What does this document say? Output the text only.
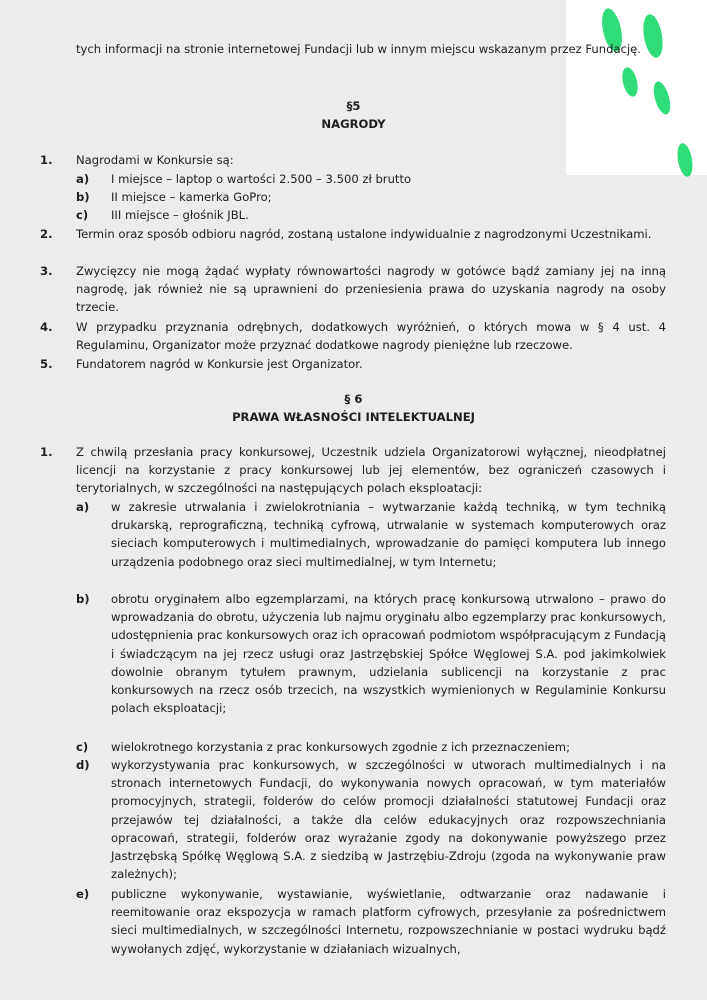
tych informacji na stronie internetowej Fundacji lub w innym miejscu wskazanym przez Fundację.

§5
NAGRODY
1.	Nagrodami w Konkursie są:
a)	I miejsce – laptop o wartości 2.500 – 3.500 zł brutto
b)	II miejsce – kamerka GoPro;
c)	III miejsce – głośnik JBL.
2.	Termin oraz sposób odbioru nagród, zostaną ustalone indywidualnie z nagrodzonymi Uczestnikami.
3.	Zwycięzcy nie mogą żądać wypłaty równowartości nagrody w gotówce bądź zamiany jej na inną nagrodę, jak również nie są uprawnieni do przeniesienia prawa do uzyskania nagrody na osoby trzecie.
4.	W przypadku przyznania odrębnych, dodatkowych wyróżnień, o których mowa w § 4 ust. 4 Regulaminu, Organizator może przyznać dodatkowe nagrody pieniężne lub rzeczowe.
5.	Fundatorem nagród w Konkursie jest Organizator.
§ 6
PRAWA WŁASNOŚCI INTELEKTUALNEJ
1.	Z chwilą przesłania pracy konkursowej, Uczestnik udziela Organizatorowi wyłącznej, nieodpłatnej licencji na korzystanie z pracy konkursowej lub jej elementów, bez ograniczeń czasowych i terytorialnych, w szczególności na następujących polach eksploatacji:
a)	w zakresie utrwalania i zwielokrotniania – wytwarzanie każdą techniką, w tym techniką drukarską, reprograficzną, techniką cyfrową, utrwalanie w systemach komputerowych oraz sieciach komputerowych i multimedialnych, wprowadzanie do pamięci komputera lub innego urządzenia podobnego oraz sieci multimedialnej, w tym Internetu;
b)	obrotu oryginałem albo egzemplarzami, na których pracę konkursową utrwalono – prawo do wprowadzania do obrotu, użyczenia lub najmu oryginału albo egzemplarzy prac konkursowych, udostępnienia prac konkursowych oraz ich opracowań podmiotom współpracującym z Fundacją i świadczącym na jej rzecz usługi oraz Jastrzębskiej Spółce Węglowej S.A. pod jakimkolwiek dowolnie obranym tytułem prawnym, udzielania sublicencji na korzystanie z prac konkursowych na rzecz osób trzecich, na wszystkich wymienionych w Regulaminie Konkursu polach eksploatacji;
c)	wielokrotnego korzystania z prac konkursowych zgodnie z ich przeznaczeniem;
d)	wykorzystywania prac konkursowych, w szczególności w utworach multimedialnych i na stronach internetowych Fundacji, do wykonywania nowych opracowań, w tym materiałów promocyjnych, strategii, folderów do celów promocji działalności statutowej Fundacji oraz przejawów tej działalności, a także dla celów edukacyjnych oraz rozpowszechniania opracowań, strategii, folderów oraz wyrażanie zgody na dokonywanie powyższego przez Jastrzębską Spółkę Węglową S.A. z siedzibą w Jastrzębiu-Zdroju (zgoda na wykonywanie praw zależnych);
e)	publiczne wykonywanie, wystawianie, wyświetlanie, odtwarzanie oraz nadawanie i reemitowanie oraz ekspozycja w ramach platform cyfrowych, przesyłanie za pośrednictwem sieci multimedialnych, w szczególności Internetu, rozpowszechnianie w postaci wydruku bądź wywołanych zdjęć, wykorzystanie w działaniach wizualnych,
